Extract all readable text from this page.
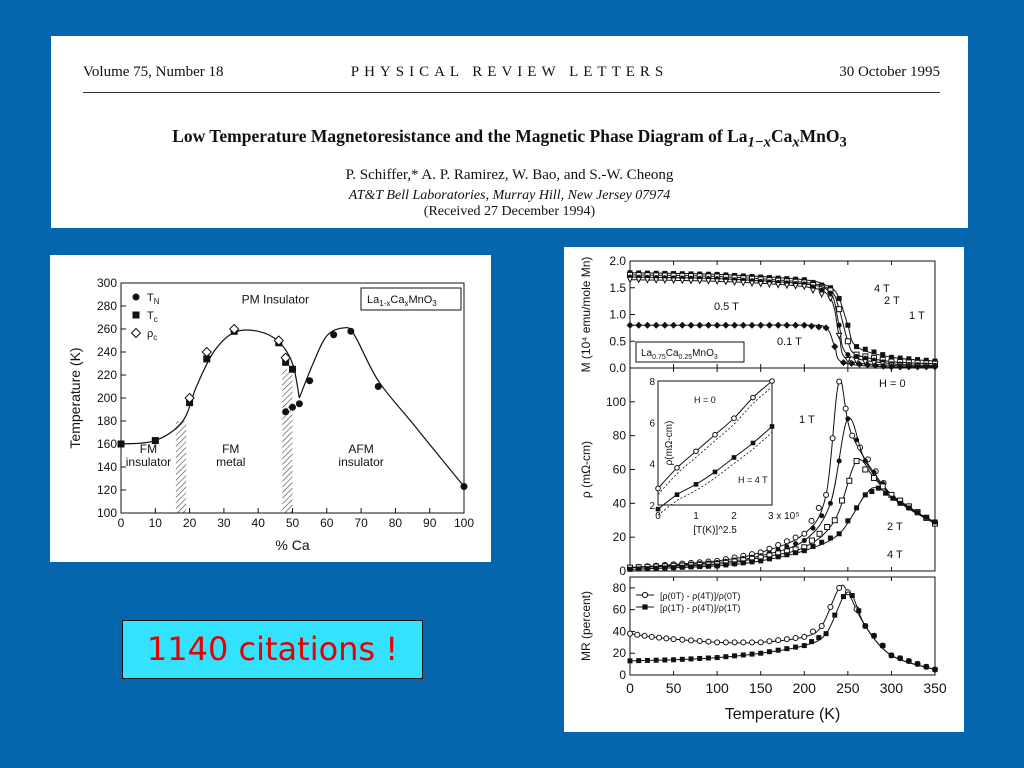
Volume 75, Number 18	PHYSICAL REVIEW LETTERS	30 October 1995
Low Temperature Magnetoresistance and the Magnetic Phase Diagram of $La_{1-x}Ca_xMnO_3$
P. Schiffer,* A. P. Ramirez, W. Bao, and S.-W. Cheong
AT&T Bell Laboratories, Murray Hill, New Jersey 07974
(Received 27 December 1994)
0 10 20 30 40 50 60 70 80 90 100
100
120
140
160
180
200
220
240
260
280
300
% Ca
Temperature (K)
PM Insulator
FM
insulator
FM
metal
AFM
insulator
$T_N$
$T_c$
$\rho_c$
$La_{1-x}Ca_xMnO_3$
0.0
0.5
1.0
1.5
2.0
M (10⁴ emu/mole Mn)
0
20
40
60
80
100
ρ (mΩ-cm)
0
20
40
60
80
MR (percent)
0 50 100 150 200 250 300 350
Temperature (K)
4 T
2 T
1 T
0.5 T
0.1 T
$La_{0.75}Ca_{0.25}MnO_3$
H = 0
1 T
2 T
4 T
0	1	2	3 x 10⁵
2
4
6
8
[T(K)]^2.5
ρ(mΩ-cm)
H = 0
H = 4 T
[ρ(0T) - ρ(4T)]/ρ(0T)
[ρ(1T) - ρ(4T)]/ρ(1T)
1140 citations !
